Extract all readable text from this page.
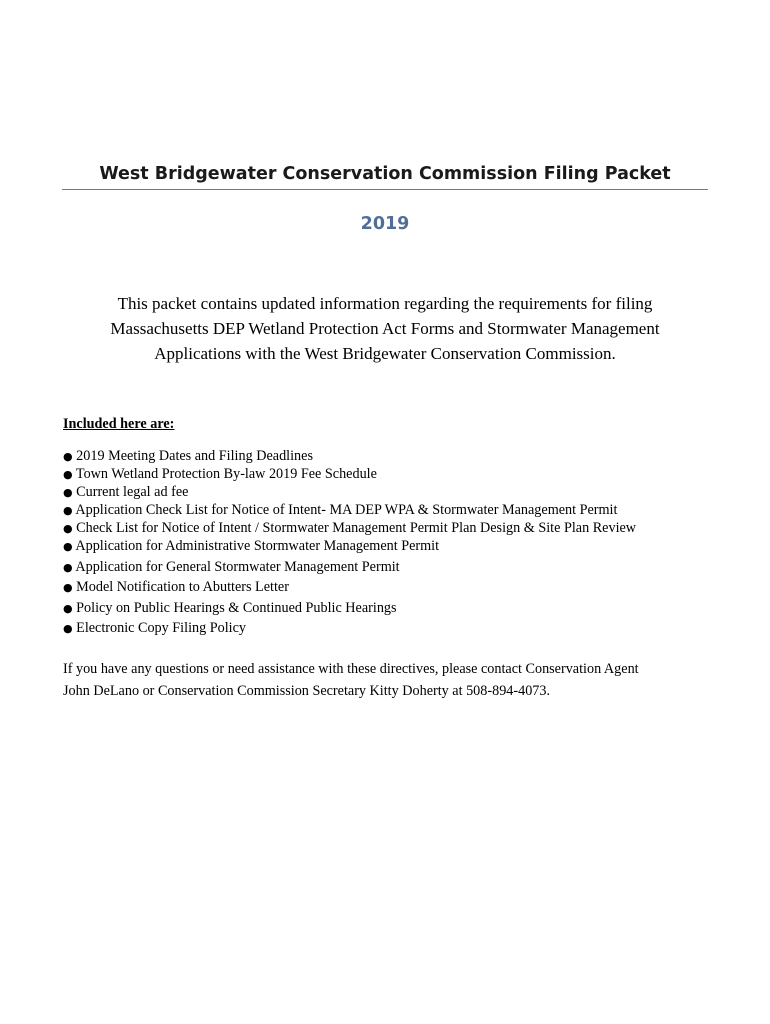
West Bridgewater Conservation Commission Filing Packet
2019
This packet contains updated information regarding the requirements for filing
Massachusetts DEP Wetland Protection Act Forms and Stormwater Management
Applications with the West Bridgewater Conservation Commission.
Included here are:
● 2019 Meeting Dates and Filing Deadlines
● Town Wetland Protection By-law 2019 Fee Schedule
● Current legal ad fee
● Application Check List for Notice of Intent- MA DEP WPA & Stormwater Management Permit
● Check List for Notice of Intent / Stormwater Management Permit Plan Design & Site Plan Review
● Application for Administrative Stormwater Management Permit
● Application for General Stormwater Management Permit
● Model Notification to Abutters Letter
● Policy on Public Hearings & Continued Public Hearings
● Electronic Copy Filing Policy
If you have any questions or need assistance with these directives, please contact Conservation Agent
John DeLano or Conservation Commission Secretary Kitty Doherty at 508-894-4073.
